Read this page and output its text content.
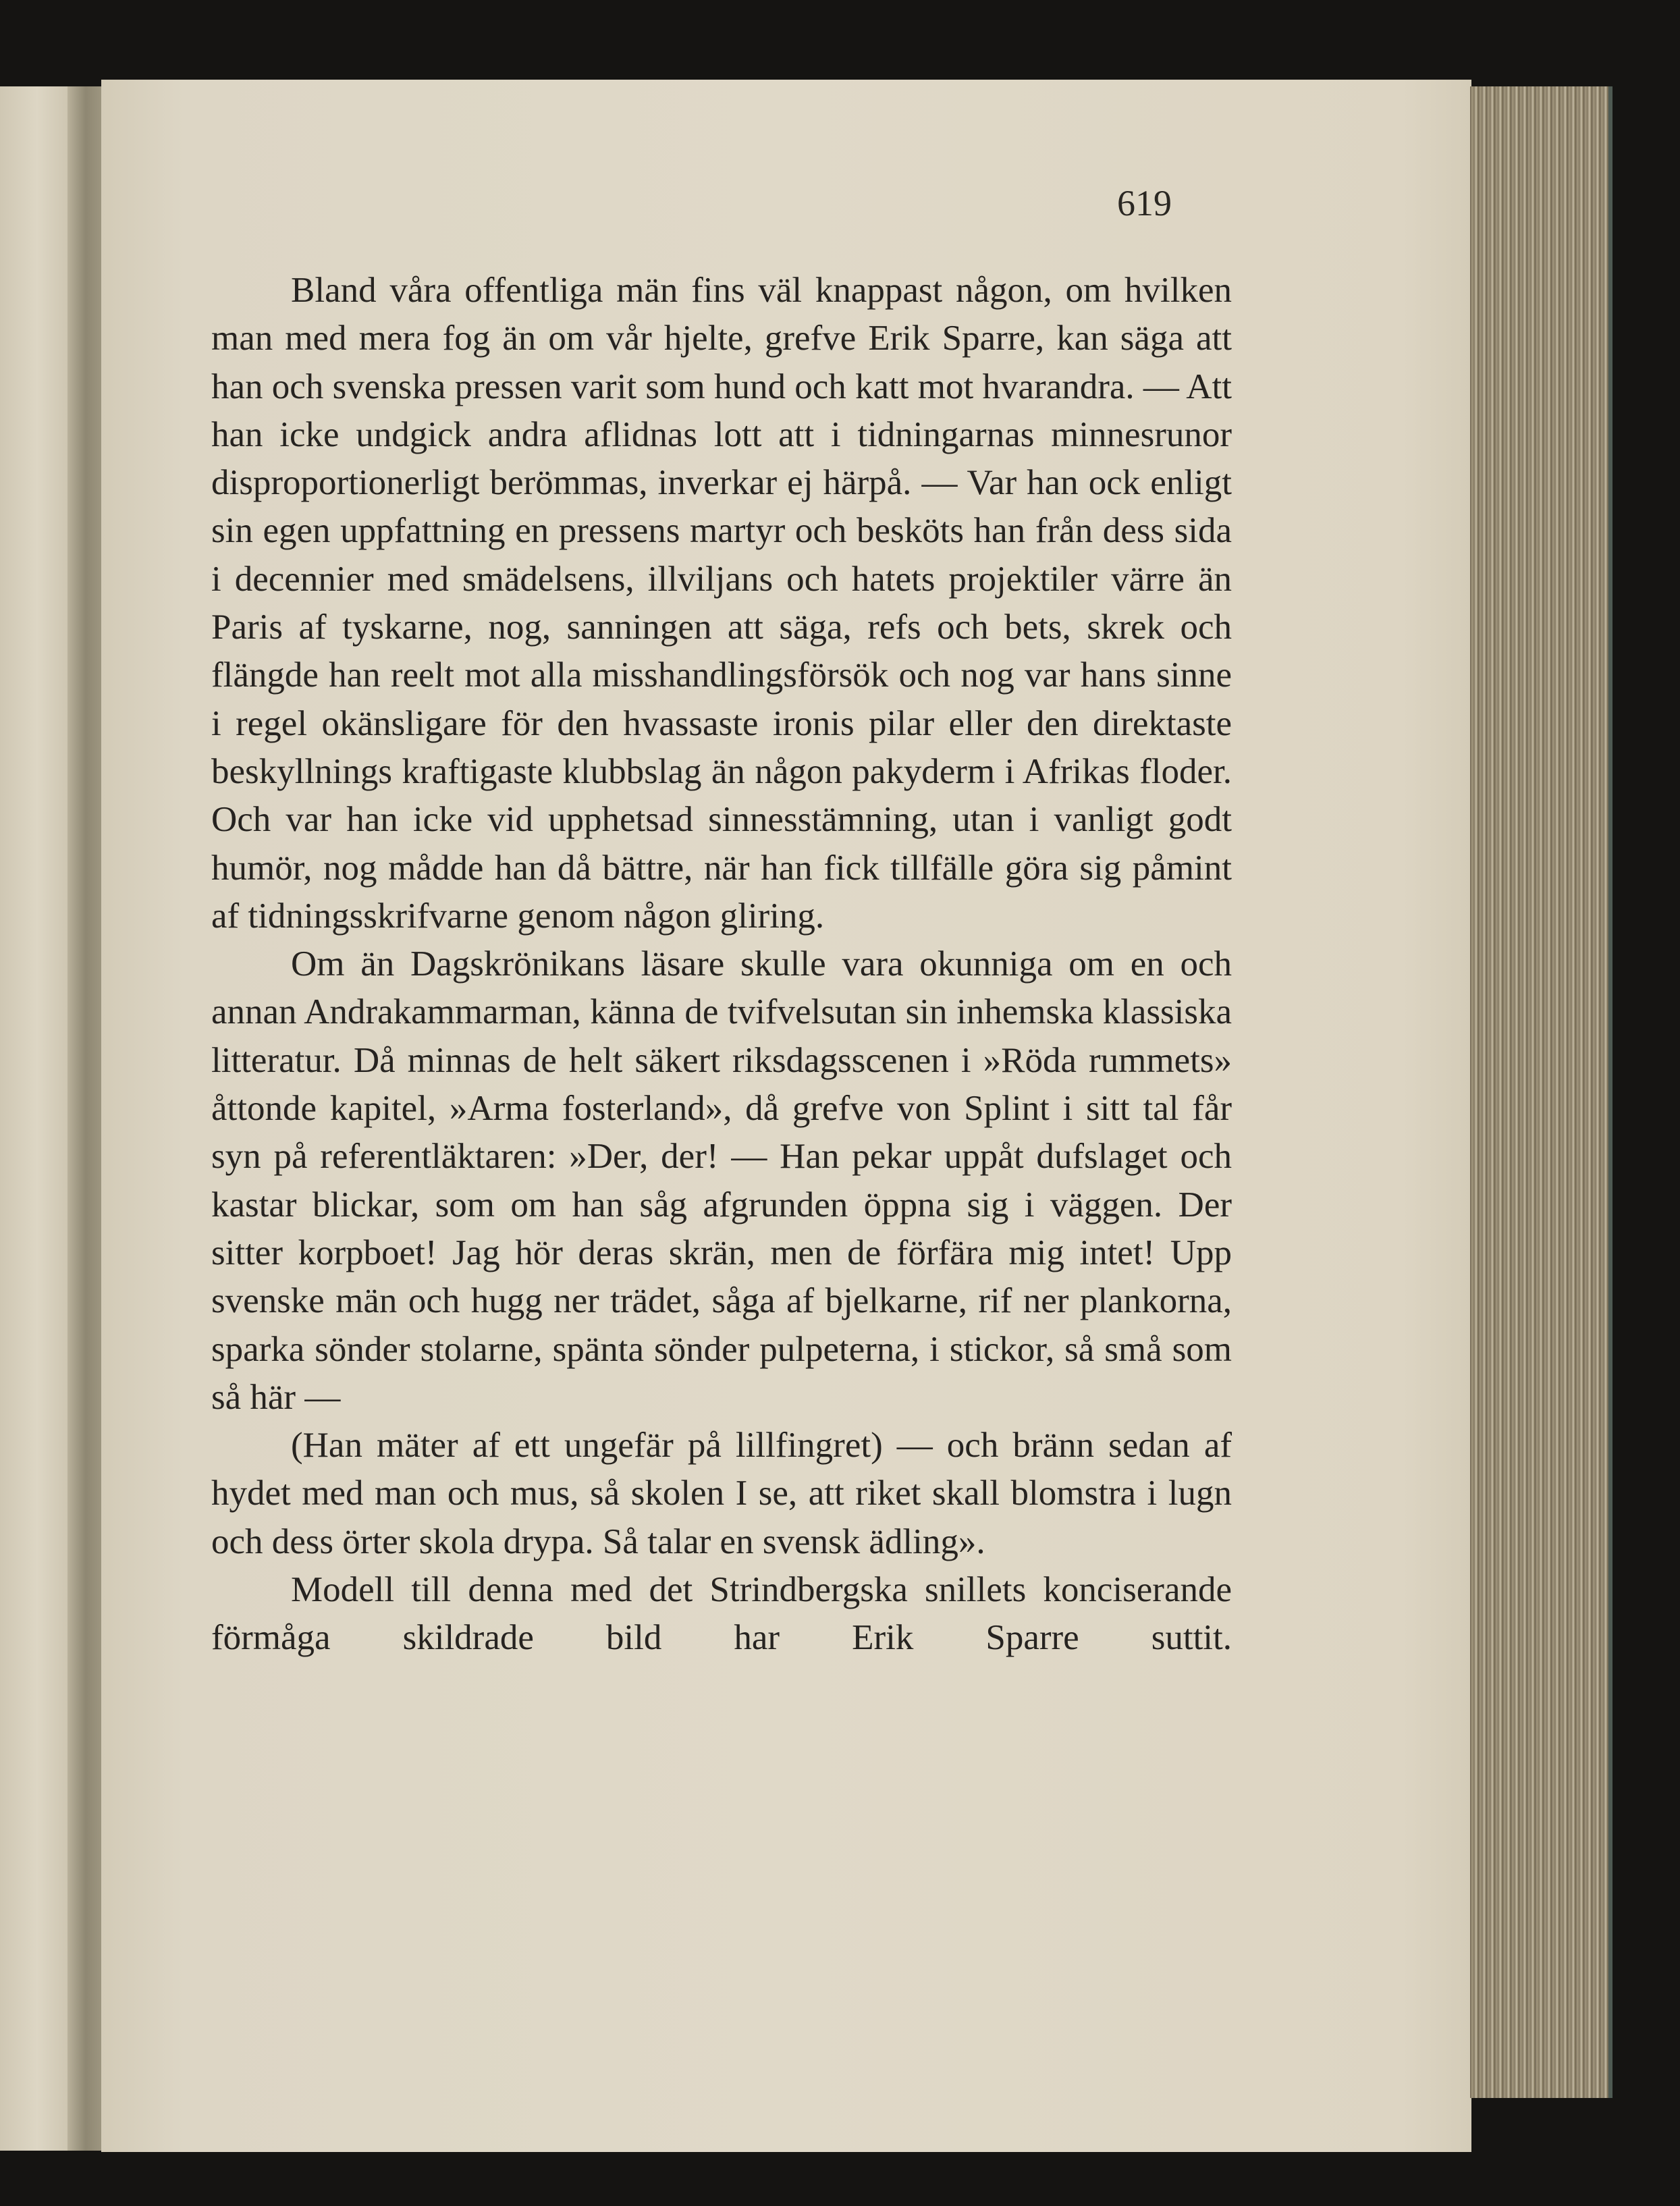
619

Bland våra offentliga män fins väl knappast någon, om hvilken man med mera fog än om vår hjelte, grefve Erik Sparre, kan säga att han och svenska pressen varit som hund och katt mot hvarandra. — Att han icke undgick andra aflidnas lott att i tidningarnas minnesrunor disproportionerligt berömmas, inverkar ej härpå. — Var han ock enligt sin egen uppfattning en pressens martyr och besköts han från dess sida i decennier med smädelsens, illviljans och hatets projektiler värre än Paris af tyskarne, nog, sanningen att säga, refs och bets, skrek och flängde han reelt mot alla misshandlingsförsök och nog var hans sinne i regel okänsligare för den hvassaste ironis pilar eller den direktaste beskyllnings kraftigaste klubbslag än någon pakyderm i Afrikas floder. Och var han icke vid upphetsad sinnesstämning, utan i vanligt godt humör, nog mådde han då bättre, när han fick tillfälle göra sig påmint af tidningsskrifvarne genom någon gliring.

Om än Dagskrönikans läsare skulle vara okunniga om en och annan Andrakammarman, känna de tvifvelsutan sin inhemska klassiska litteratur. Då minnas de helt säkert riksdagsscenen i »Röda rummets» åttonde kapitel, »Arma fosterland», då grefve von Splint i sitt tal får syn på referentläktaren: »Der, der! — Han pekar uppåt dufslaget och kastar blickar, som om han såg afgrunden öppna sig i väggen. Der sitter korpboet! Jag hör deras skrän, men de förfära mig intet! Upp svenske män och hugg ner trädet, såga af bjelkarne, rif ner plankorna, sparka sönder stolarne, spänta sönder pulpeterna, i stickor, så små som så här —

(Han mäter af ett ungefär på lillfingret) — och bränn sedan af hydet med man och mus, så skolen I se, att riket skall blomstra i lugn och dess örter skola drypa. Så talar en svensk ädling».

Modell till denna med det Strindbergska snillets konciserande förmåga skildrade bild har Erik Sparre suttit.
